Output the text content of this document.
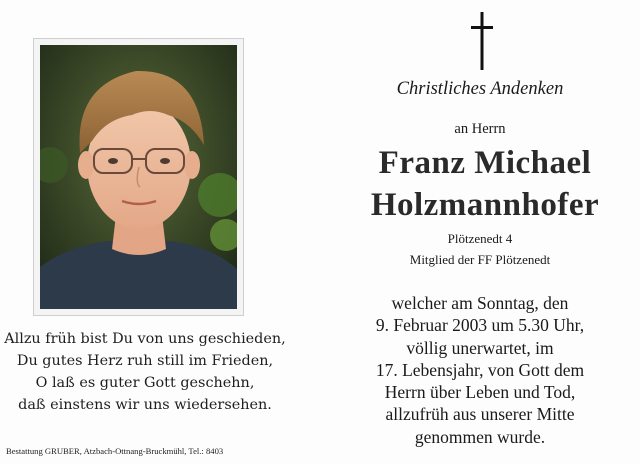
Allzu früh bist Du von uns geschieden,
Du gutes Herz ruh still im Frieden,
O laß es guter Gott geschehn,
daß einstens wir uns wiedersehen.
Bestattung GRUBER, Atzbach-Ottnang-Bruckmühl, Tel.: 8403
Christliches Andenken
an Herrn
Franz Michael
Holzmannhofer
Plötzenedt 4
Mitglied der FF Plötzenedt
welcher am Sonntag, den
9. Februar 2003 um 5.30 Uhr,
völlig unerwartet, im
17. Lebensjahr, von Gott dem
Herrn über Leben und Tod,
allzufrüh aus unserer Mitte
genommen wurde.
